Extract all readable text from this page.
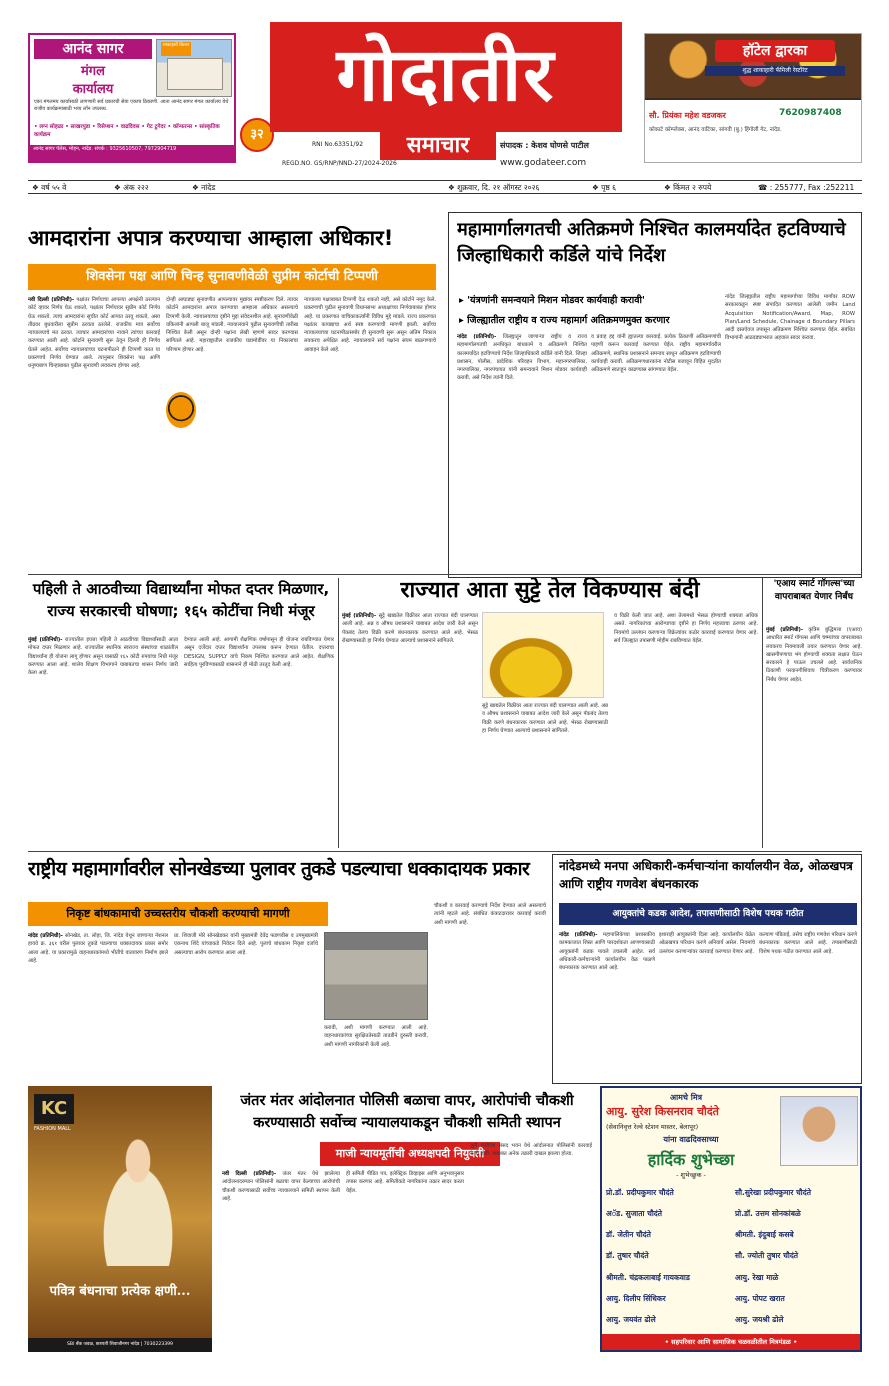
आनंद सागर
मंगल
कार्यालय
शाकाहारी किचन
एका मंगलमय कार्यासाठी लागणारी सर्व प्रकारची सेवा एकाच ठिकाणी. आता आनंद सागर मंगल कार्यालय येथे राजीव कार्यक्रमासाठी भव्य लॉन उपलब्ध.
• लग्न सोहळा • साखरपुडा • रिसेप्शन • वाढदिवस • गेट टुगेदर • कॉन्फरन्स • सांस्कृतिक कार्यक्रम
आनंद सागर पॅलेस, मोहन, नांदेड. संपर्क : 9325610507, 7972904719
३२
गोदातीर
समाचार
RNI No.63351/92
REGD.NO. GS/RNP/NND-27/2024-2026
संपादक : केशव घोणसे पाटील
www.godateer.com
हॉटेल द्वारका
शुद्ध शाकाहारी फॅमिली रेस्टॉरंट
सौ. प्रियंका महेश वडजकर	7620987408
कोकाटे कॉम्प्लेक्स, आनंद वाटिका, सांगवी (बु.) हिंगोली गेट, नांदेड.
❖ वर्ष ५५ वे	❖ अंक २२२	❖ नांदेड	❖ शुक्रवार, दि. २१ ऑगस्ट २०२६	❖ पृष्ठ ६	❖ किंमत २ रुपये	☎ : 255777, Fax :252211
आमदारांना अपात्र करण्याचा आम्हाला अधिकार!
शिवसेना पक्ष आणि चिन्ह सुनावणीवेळी सुप्रीम कोर्टाची टिप्पणी

नवी दिल्ली (प्रतिनिधी)- पक्षांतर निर्णयाचा आपल्या अपक्षेनी ठरल्यान कोर्ट व्हावर निर्णय घेऊ शकतो, पक्षांतर निर्णयावर सुप्रीम कोर्ट निर्णय घेऊ शकतो. त्याच आमदारांना सूचीत कोर्ट आपात ठरवू शकतो, असा तीव्रवर बुधवारीला सुप्रीम ठरवता ठरलेले. राजकीय मात्र सर्वोच्च न्यायालयाचे मत ठरवत. त्याचार आमदारांच्या नावाने त्यांच्या कारवाई करण्यात आली आहे. कोर्टाने सुनावणी सुरू ठेवून दिल्ली ही निर्णय घेतले आहेत. सर्वोच्च न्यायालयाच्या घटनापीठाने ही टिप्पणी करत या प्रकरणाचे निर्णय घेण्यात आले. त्यानुसार शिवसेना पक्ष आणि धनुष्यबाण चिन्हाबाबत पुढील सुनावणी लवकरच होणार आहे.

दोन्ही आघाड्या सुनावणीत आपल्यावर मुद्यांवर स्पष्टीकरण दिले. त्यावर कोर्टाने आमदारांना अपात्र करण्याचा आम्हाला अधिकार असल्याचे टिप्पणी केली. न्यायालयाच्या दृष्टीने मुद्दा संवेदनशील आहे. सुनावणीवेळी वकिलांनी आपली बाजू मांडली. न्यायालयाने पुढील सुनावणीची तारीख निश्चित केली असून दोन्ही पक्षांना लेखी म्हणणे सादर करण्यास सांगितले आहे. महाराष्ट्रातील राजकीय घडामोडींवर या निकालाचा परिणाम होणार आहे.

न्यायालय पक्षाबाबत टिप्पणी देऊ शकतो नाही, असे कोर्टाने नमूद केले. प्रकरणाची पुढील सुनावणी विधानसभा अध्यक्षांच्या निर्णयाबाबत होणार आहे. या प्रकरणात याचिकाकर्त्यांनी विविध मुद्दे मांडले. राज्य प्रकरणात पक्षांतर कायद्याचा अर्थ स्पष्ट करण्याची मागणी झाली. सर्वोच्च न्यायालयाच्या घटनापीठासमोर ही सुनावणी सुरू असून अंतिम निकाल लवकरच अपेक्षित आहे. न्यायालयाने सर्व पक्षांना संयम बाळगण्याचे आवाहन केले आहे.

महामार्गालगतची अतिक्रमणे निश्चित कालमर्यादेत हटविण्याचे जिल्हाधिकारी कर्डिले यांचे निर्देश
▸ 'यंत्रणांनी समन्वयाने मिशन मोडवर कार्यवाही करावी'
▸ जिल्ह्यातील राष्ट्रीय व राज्य महामार्ग अतिक्रमणमुक्त करणार

नांदेड (प्रतिनिधी)- जिल्ह्यातून जाणाऱ्या राष्ट्रीय व राज्य महामार्गालगतची अनधिकृत बांधकामे व अतिक्रमणे निश्चित कालमर्यादेत हटविण्याचे निर्देश जिल्हाधिकारी कर्डिले यांनी दिले. जिल्हा प्रशासन, पोलीस, प्रादेशिक परिवहन विभाग, महानगरपालिका, नगरपालिका, नगरपंचायत यांनी समन्वयाने मिशन मोडवर कार्यवाही करावी, असे निर्देश त्यांनी दिले.

व प्रवाह हद्द यांनी ह्यातल्या कारवाई. प्रत्येक ठिकाणी अतिक्रमणांची पाहणी करून कारवाई करण्यात येईल. राष्ट्रीय महामार्गावरील अतिक्रमणे, स्थानिक प्रशासनाने समन्वय साधून अतिक्रमण हटविण्याची कार्यवाही करावी. अतिक्रमणधारकांना नोटीस बजावून विहित मुदतीत अतिक्रमणे स्वतःहून काढण्यास सांगण्यात येईल.

नांदेड जिल्ह्यातील राष्ट्रीय महामार्गाच्या विविध मार्गांवर ROW सरकारकडून स्पष्ट संपादित करण्यात आलेली जमीन Land Acquisition Notification/Award, Map, ROW Plan/Land Schedule, Chainage d Boundary Pillars आदी दस्तऐवज तपासून अतिक्रमण निश्चित करण्यात येईल. संबंधित विभागांनी आठवड्याभरात अहवाल सादर करावा.

पहिली ते आठवीच्या विद्यार्थ्यांना मोफत दप्तर मिळणार, राज्य सरकारची घोषणा; १६५ कोटींचा निधी मंजूर

मुंबई (प्रतिनिधी)- राज्यातील इयत्ता पहिली ते आठवीच्या विद्यार्थ्यांसाठी आता मोफत दप्तर मिळणार आहे. राज्यातील स्थानिक स्वराज्य संस्थांच्या शाळांतील विद्यार्थ्यांना ही योजना लागू होणार असून यासाठी १६५ कोटी रुपयांचा निधी मंजूर करण्यात आला आहे. शालेय शिक्षण विभागाने याबाबतचा शासन निर्णय जारी केला आहे.

देण्यात आली आहे. आगामी शैक्षणिक वर्षापासून ही योजना राबविण्यात येणार असून दर्जेदार दप्तर विद्यार्थ्यांना उपलब्ध करून देण्यात येतील. दप्तराचा DESIGN, SUPPLY यांचे निकष निश्चित करण्यात आले आहेत. शैक्षणिक साहित्य पुरविण्यासाठी शासनाने ही मोठी तरतूद केली आहे.

राज्यात आता सुट्टे तेल विकण्यास बंदी

मुंबई (प्रतिनिधी)- सुट्टे खाद्यतेल विक्रीवर आता राज्यात बंदी घालण्यात आली आहे. अन्न व औषध प्रशासनाने याबाबत आदेश जारी केले असून पॅकबंद तेलच विक्री करणे बंधनकारक करण्यात आले आहे. भेसळ रोखण्यासाठी हा निर्णय घेण्यात आल्याचे प्रशासनाने सांगितले.

सुट्टे खाद्यतेल विक्रीवर आता राज्यात बंदी घालण्यात आली आहे. अन्न व औषध प्रशासनाने याबाबत आदेश जारी केले असून पॅकबंद तेलच विक्री करणे बंधनकारक करण्यात आले आहे. भेसळ रोखण्यासाठी हा निर्णय घेण्यात आल्याचे प्रशासनाने सांगितले.

व विक्री केली जात आहे. अशा तेलामध्ये भेसळ होण्याची शक्यता अधिक असते. नागरिकांच्या आरोग्याच्या दृष्टीने हा निर्णय महत्त्वाचा ठरणार आहे. नियमांचे उल्लंघन करणाऱ्या विक्रेत्यांवर कठोर कारवाई करण्यात येणार आहे. सर्व जिल्ह्यांत तपासणी मोहीम राबविण्यात येईल.

'एआय स्मार्ट गाॅगल्स'च्या वापराबाबत येणार निर्बंध

मुंबई (प्रतिनिधी)- कृत्रिम बुद्धिमत्ता (एआय) आधारित स्मार्ट गॉगल्स आणि चष्म्यांच्या वापराबाबत लवकरच नियमावली तयार करण्यात येणार आहे. खासगीपणाचा भंग होण्याची शक्यता लक्षात घेऊन सरकारने हे पाऊल उचलले आहे. सार्वजनिक ठिकाणी परवानगीशिवाय चित्रीकरण करण्यावर निर्बंध येणार आहेत.

राष्ट्रीय महामार्गावरील सोनखेडच्या पुलावर तुकडे पडल्याचा धक्कादायक प्रकार
निकृष्ट बांधकामाची उच्चस्तरीय चौकशी करण्याची मागणी

नांदेड (प्रतिनिधी)- सोनखेड, ता. लोहा, जि. नांदेड येथून जाणाऱ्या नॅशनल हायवे क्र. ३६१ वरील पुलावर तुकडे पडल्याचा धक्कादायक प्रकार समोर आला आहे. या प्रकारामुळे वाहनधारकांमध्ये भीतीचे वातावरण निर्माण झाले आहे.

प्रा. शिवाजी मोरे सोनखेडकर यांनी मुख्यमंत्री देवेंद्र फडणवीस व उपमुख्यमंत्री एकनाथ शिंदे यांच्याकडे निवेदन दिले आहे. पुलाचे बांधकाम निकृष्ट दर्जाचे असल्याचा आरोप करण्यात आला आहे.

करावी, अशी मागणी करण्यात आली आहे. वाहनधारकांच्या सुरक्षिततेसाठी तातडीने दुरुस्ती करावी, अशी मागणी नागरिकांनी केली आहे.

चौकशी व कारवाई करण्याचे निर्देश देण्यात आले असल्याचे त्यांनी म्हटले आहे. संबंधित कंत्राटदारावर कारवाई करावी अशी मागणी आहे.

नांदेडमध्ये मनपा अधिकारी-कर्मचाऱ्यांना कार्यालयीन वेळ, ओळखपत्र आणि राष्ट्रीय गणवेश बंधनकारक
आयुक्तांचे कडक आदेश, तपासणीसाठी विशेष पथक गठीत

नांदेड (प्रतिनिधी)- महापालिकेच्या प्रशासकीय कामकाजात शिस्त आणि पारदर्शकता आणण्यासाठी आयुक्तांनी कडक पावले उचलली आहेत. सर्व अधिकारी-कर्मचाऱ्यांनी कार्यालयीन वेळ पाळणे बंधनकारक करण्यात आले आहे.

इशाराही आयुक्तांनी दिला आहे. कार्यालयीन वेळेत ओळखपत्र परिधान करणे अनिवार्य असेल. नियमांचे उल्लंघन करणाऱ्यांवर कारवाई करण्यात येणार आहे.

कल्याण पंडिताई, तसेच राष्ट्रीय गणवेश परिधान करणे बंधनकारक करण्यात आले आहे. तपासणीसाठी विशेष पथक गठीत करण्यात आले आहे.

KC
FASHION MALL
पवित्र बंधनाचा प्रत्येक क्षणी...
SBI बँक जवळ, छत्रपती शिवाजीनगर नांदेड | 7030223399
जंतर मंतर आंदोलनात पोलिसी बळाचा वापर, आरोपांची चौकशी करण्यासाठी सर्वोच्च न्यायालयाकडून चौकशी समिती स्थापन
माजी न्यायमूर्तीची अध्यक्षपदी नियुक्ती

नवी दिल्ली (प्रतिनिधी)- जंतर मंतर येथे झालेल्या आंदोलनादरम्यान पोलिसांनी बळाचा वापर केल्याच्या आरोपांची चौकशी करण्यासाठी सर्वोच्च न्यायालयाने समिती स्थापन केली आहे.

ही समिती पीडित पत्र, इलेक्ट्रिक डिव्हाइस आणि अनुभवानुसार तपास करणार आहे. समितीकडे नागरिकांना तक्रार सादर करता येईल.

जुलै रोजीच्या संसद भवन येथे आंदोलनात पोलिसांनी कारवाई केली होती. याबाबत अनेक तक्रारी दाखल झाल्या होत्या.

आमचे मित्र
आयु. सुरेश किसनराव चौदंते
(सेवानिवृत्त रेल्वे स्टेशन मास्तर, बेलापूर)
यांना वाढदिवसाच्या
हार्दिक शुभेच्छा
- शुभेच्छुक -
प्रो.डॉ. प्रदीपकुमार चौदंते	सौ.सुरेखा प्रदीपकुमार चौदंते
अॅड. सुजाता चौदंते	प्रो.डॉ. उत्तम सोनकांबळे
डॉ. जेतीन चौदंते	श्रीमती. इंदुबाई कसबे
डॉ. तुषार चौदंते	सौ. ज्योती तुषार चौदंते
श्रीमती. चंद्रकलाबाई गायकवाड	आयु. रेखा माळे
आयु. दिलीप सिंधिकर	आयु. पोपट खरात
आयु. जयवंत ढोले	आयु. जयश्री ढोले
• सहपरिवार आणि सामाजिक चळवळीतील मित्रमंडळ •
